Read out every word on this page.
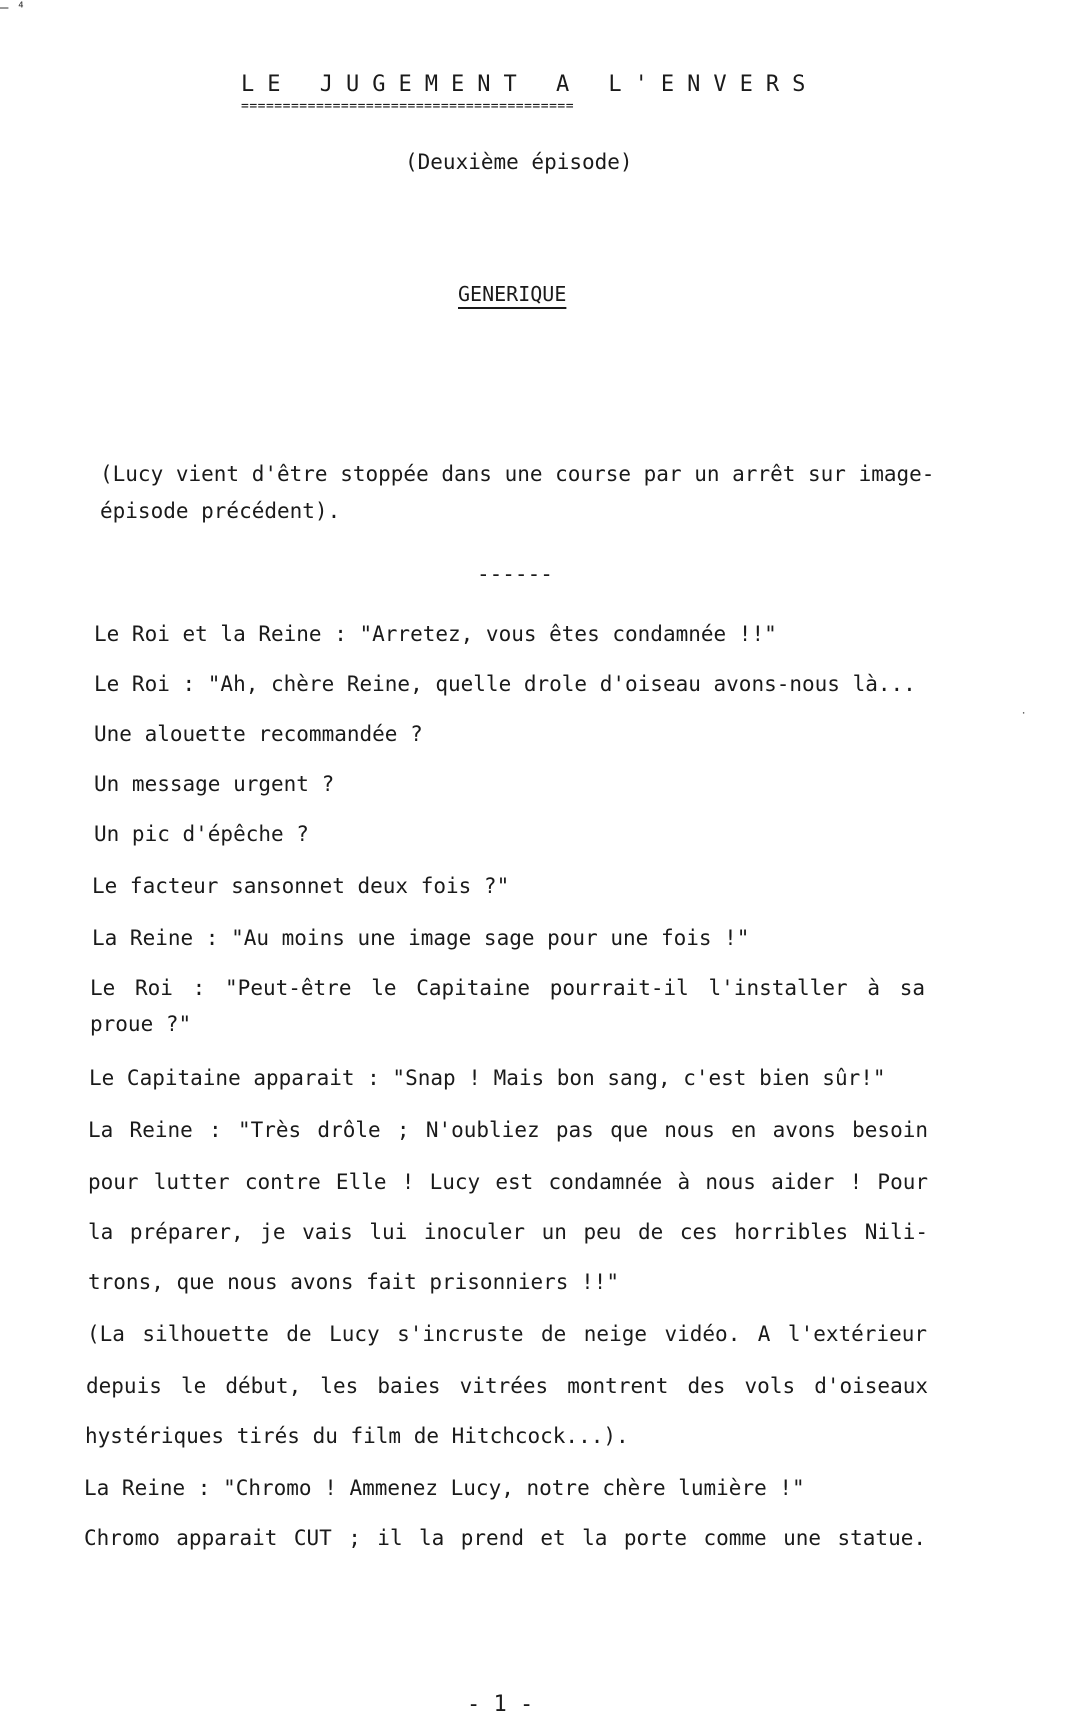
— ⁴
LE JUGEMENT A L'ENVERS
========================================
(Deuxième épisode)
GENERIQUE
(Lucy vient d'être stoppée dans une course par un arrêt sur image- épisode précédent).
------
Le Roi et la Reine : "Arretez, vous êtes condamnée !!"
Le Roi : "Ah, chère Reine, quelle drole d'oiseau avons-nous là...
Une alouette recommandée ?
Un message urgent ?
Un pic d'épêche ?
Le facteur sansonnet deux fois ?"
La Reine : "Au moins une image sage pour une fois !"
Le Roi : "Peut-être le Capitaine pourrait-il l'installer à sa
proue ?"
Le Capitaine apparait : "Snap ! Mais bon sang, c'est bien sûr!"
La Reine : "Très drôle ; N'oubliez pas que nous en avons besoin
pour lutter contre Elle ! Lucy est condamnée à nous aider ! Pour
la préparer, je vais lui inoculer un peu de ces horribles Nili-
trons, que nous avons fait prisonniers !!"
(La silhouette de Lucy s'incruste de neige vidéo. A l'extérieur
depuis le début, les baies vitrées montrent des vols d'oiseaux
hystériques tirés du film de Hitchcock...).
La Reine : "Chromo ! Ammenez Lucy, notre chère lumière !"
Chromo apparait CUT ; il la prend et la porte comme une statue.
⸱
- 1 -
